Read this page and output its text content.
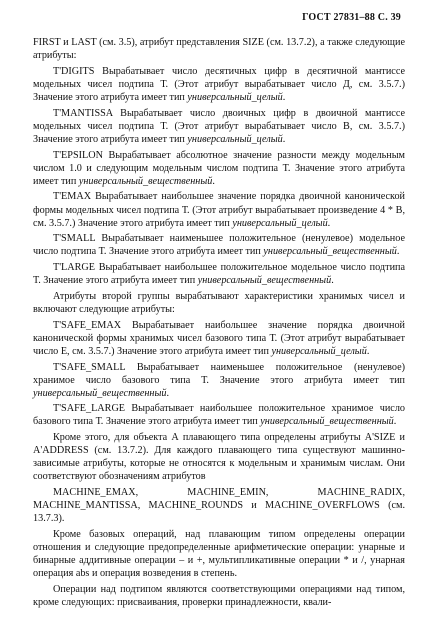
ГОСТ 27831–88 С. 39

FIRST и LAST (см. 3.5), атрибут представления SIZE (см. 13.7.2), а также следующие атрибуты:

T'DIGITS Вырабатывает число десятичных цифр в десятичной мантиссе модельных чисел подтипа Т. (Этот атрибут вырабатывает число Д, см. 3.5.7.) Значение этого атрибута имеет тип универсальный_целый.

T'MANTISSA Вырабатывает число двоичных цифр в двоичной мантиссе модельных чисел подтипа Т. (Этот атрибут вырабатывает число В, см. 3.5.7.) Значение этого атрибута имеет тип универсальный_целый.

T'EPSILON Вырабатывает абсолютное значение разности между модельным числом 1.0 и следующим модельным числом подтипа Т. Значение этого атрибута имеет тип универсальный_вещественный.

T'EMAX Вырабатывает наибольшее значение порядка двоичной канонической формы модельных чисел подтипа Т. (Этот атрибут вырабатывает произведение 4 * В, см. 3.5.7.) Значение этого атрибута имеет тип универсальный_целый.

T'SMALL Вырабатывает наименьшее положительное (ненулевое) модельное число подтипа Т. Значение этого атрибута имеет тип универсальный_вещественный.

T'LARGE Вырабатывает наибольшее положительное модельное число подтипа Т. Значение этого атрибута имеет тип универсальный_вещественный.

Атрибуты второй группы вырабатывают характеристики хранимых чисел и включают следующие атрибуты:

T'SAFE_EMAX Вырабатывает наибольшее значение порядка двоичной канонической формы хранимых чисел базового типа Т. (Этот атрибут вырабатывает число Е, см. 3.5.7.) Значение этого атрибута имеет тип универсальный_целый.

T'SAFE_SMALL Вырабатывает наименьшее положительное (ненулевое) хранимое число базового типа Т. Значение этого атрибута имеет тип универсальный_вещественный.

T'SAFE_LARGE Вырабатывает наибольшее положительное хранимое число базового типа Т. Значение этого атрибута имеет тип универсальный_вещественный.

Кроме этого, для объекта А плавающего типа определены атрибуты A'SIZE и A'ADDRESS (см. 13.7.2). Для каждого плавающего типа существуют машинно-зависимые атрибуты, которые не относятся к модельным и хранимым числам. Они соответствуют обозначениям атрибутов

MACHINE_EMAX, MACHINE_EMIN, MACHINE_RADIX, MACHINE_MANTISSA, MACHINE_ROUNDS и MACHINE_OVERFLOWS (см. 13.7.3).

Кроме базовых операций, над плавающим типом определены операции отношения и следующие предопределенные арифметические операции: унарные и бинарные аддитивные операции – и +, мультипликативные операции * и /, унарная операция abs и операция возведения в степень.

Операции над подтипом являются соответствующими операциями над типом, кроме следующих: присваивания, проверки принадлежности, квали-
